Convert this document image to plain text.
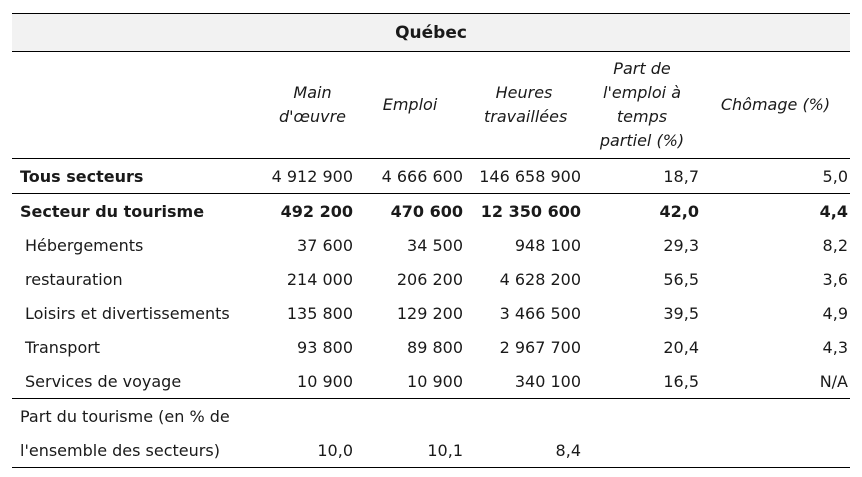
Québec
	Main d'œuvre	Emploi	Heures travaillées	Part de l'emploi à temps partiel (%)	Chômage (%)
Tous secteurs	4 912 900	4 666 600	146 658 900	18,7	5,0
Secteur du tourisme	492 200	470 600	12 350 600	42,0	4,4
Hébergements	37 600	34 500	948 100	29,3	8,2
restauration	214 000	206 200	4 628 200	56,5	3,6
Loisirs et divertissements	135 800	129 200	3 466 500	39,5	4,9
Transport	93 800	89 800	2 967 700	20,4	4,3
Services de voyage	10 900	10 900	340 100	16,5	N/A
Part du tourisme (en % de					
l'ensemble des secteurs)	10,0	10,1	8,4		
